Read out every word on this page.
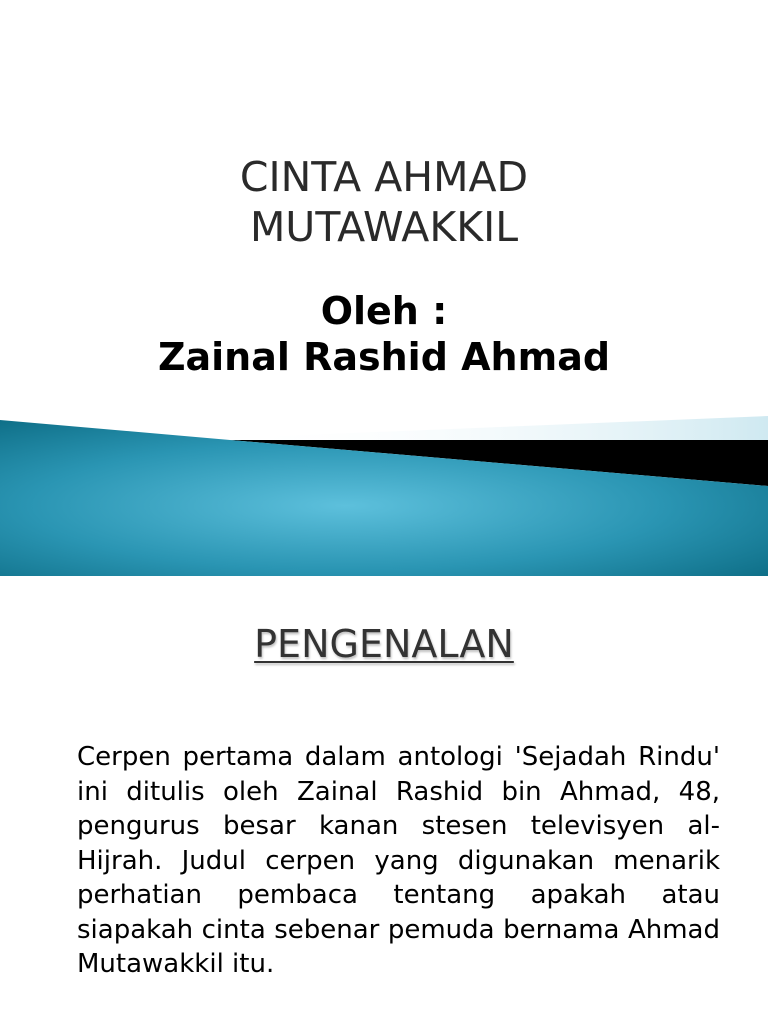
CINTA AHMAD
MUTAWAKKIL
Oleh :
Zainal Rashid Ahmad
PENGENALAN

Cerpen pertama dalam antologi 'Sejadah Rindu' ini ditulis oleh Zainal Rashid bin Ahmad, 48, pengurus besar kanan stesen televisyen al-Hijrah. Judul cerpen yang digunakan menarik perhatian pembaca tentang apakah atau siapakah cinta sebenar pemuda bernama Ahmad Mutawakkil itu.
